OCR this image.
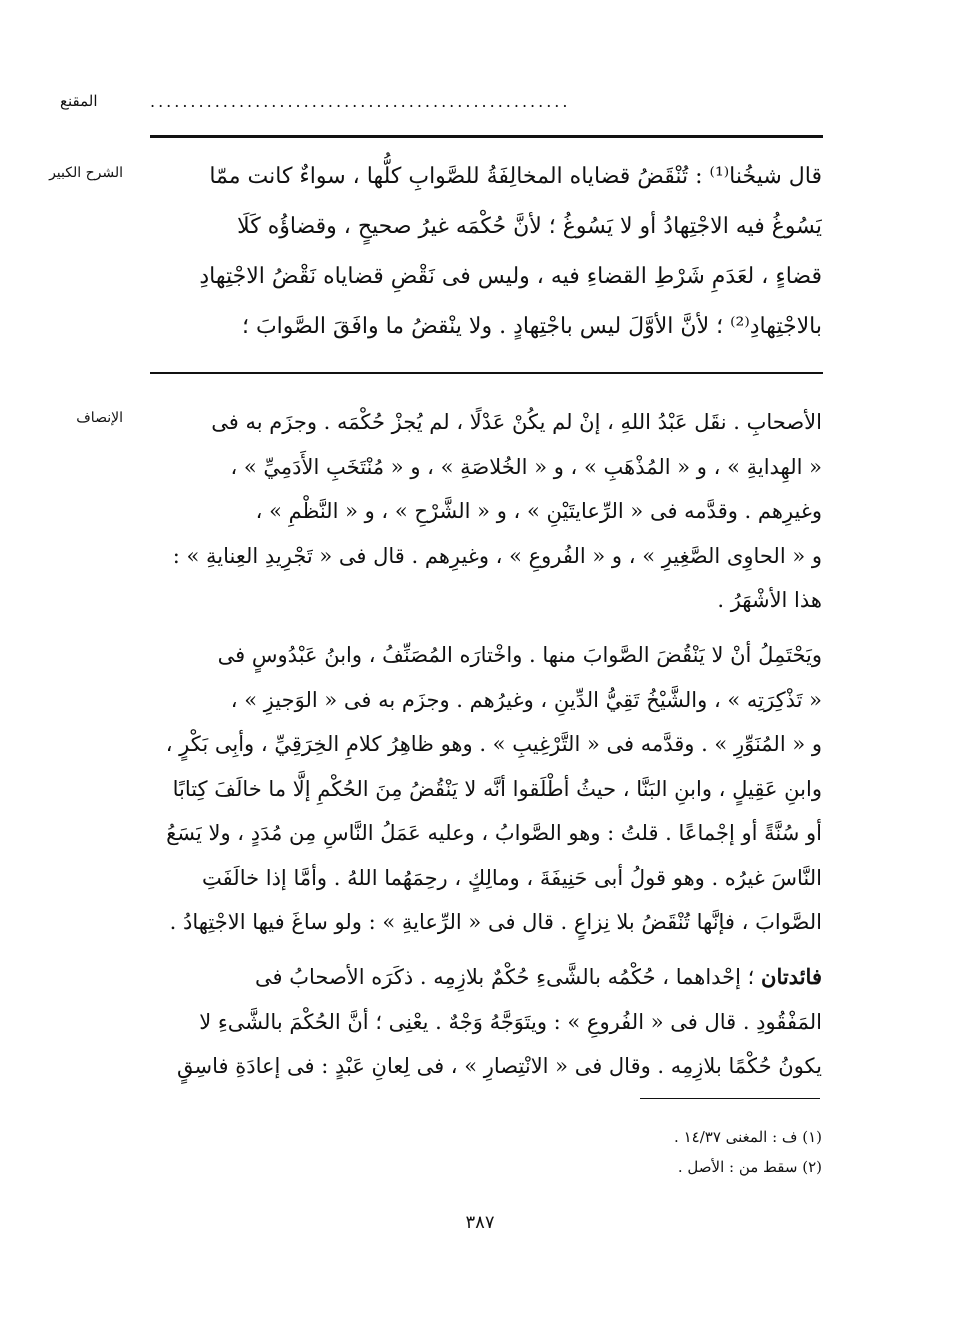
المقنع	....................................................
الشرح الكبير	قال شيخُنا⁽¹⁾ : تُنْقَضُ قضاياه المخالِفَةُ للصَّوابِ كلُّها ، سواءٌ كانت ممّا
يَسُوغُ فيه الاجْتِهادُ أو لا يَسُوغُ ؛ لأنَّ حُكْمَه غيرُ صحيحٍ ، وقضاؤُه كَلَا
قضاءٍ ، لعَدَمِ شَرْطِ القضاءِ فيه ، وليس فى نَقْضِ قضاياه نَقْضُ الاجْتِهادِ
بالاجْتِهادِ⁽²⁾ ؛ لأنَّ الأوَّلَ ليس باجْتِهادٍ . ولا ينْقضُ ما وافَقَ الصَّوابَ ؛
الإنصاف	الأصحابِ . نقَل عَبْدُ اللهِ ، إنْ لم يكُنْ عَدْلًا ، لم يُجزْ حُكْمَه . وجزَم به فى
« الهِدايةِ » ، و « المُذْهَبِ » ، و « الخُلاصَةِ » ، و « مُنْتَخَبِ الأَدَمِيِّ » ،
وغيرِهم . وقدَّمه فى « الرِّعايتَيْنِ » ، و « الشَّرْحِ » ، و « النَّظْمِ » ،
و « الحاوِى الصَّغِيرِ » ، و « الفُروعِ » ، وغيرِهم . قال فى « تَجْرِيدِ العِنايةِ » :
هذا الأشْهَرُ .
ويَحْتَمِلُ أنْ لا يَنْقُضَ الصَّوابَ منها . واخْتارَه المُصَنِّفُ ، وابنُ عَبْدُوسٍ فى
« تَذْكِرَتِه » ، والشَّيْخُ تَقِيُّ الدِّينِ ، وغيرُهم . وجزَم به فى « الوَجيزِ » ،
و « المُنَوِّرِ » . وقدَّمه فى « التَّرْغِيبِ » . وهو ظاهِرُ كلامِ الخِرَقِيِّ ، وأبِى بَكْرٍ ،
وابنِ عَقِيلٍ ، وابنِ البَنَّا ، حيثُ أطْلَقوا أنَّه لا يَنْقُضُ مِنَ الحُكْمِ إلَّا ما خالَفَ كِتابًا
أو سُنَّةً أو إجْماعًا . قلتُ : وهو الصَّوابُ ، وعليه عَمَلُ النَّاسِ مِن مُدَدٍ ، ولا يَسَعُ
النَّاسَ غيرُه . وهو قولُ أبى حَنِيفَةَ ، ومالِكٍ ، رحِمَهُما اللهُ . وأمَّا إذا خالَفَتِ
الصَّوابَ ، فإنَّها تُنْقَضُ بلا نِزاعٍ . قال فى « الرِّعايةِ » : ولو ساغَ فيها الاجْتِهادُ .
فائدتان ؛ إحْداهما ، حُكْمُه بالشَّىءِ حُكْمٌ بلازِمِه . ذكَرَه الأصحابُ فى
المَفْقُودِ . قال فى « الفُروعِ » : ويتَوَجَّهُ وَجْهٌ . يعْنِى ؛ أنَّ الحُكْمَ بالشَّىءِ لا
يكونُ حُكْمًا بلازِمِه . وقال فى « الانْتِصارِ » ، فى لِعانِ عَبْدٍ : فى إعادَةِ فاسِقٍ
(١) ف : المغنى ١٤/٣٧ .
(٢) سقط من : الأصل .
٣٨٧
